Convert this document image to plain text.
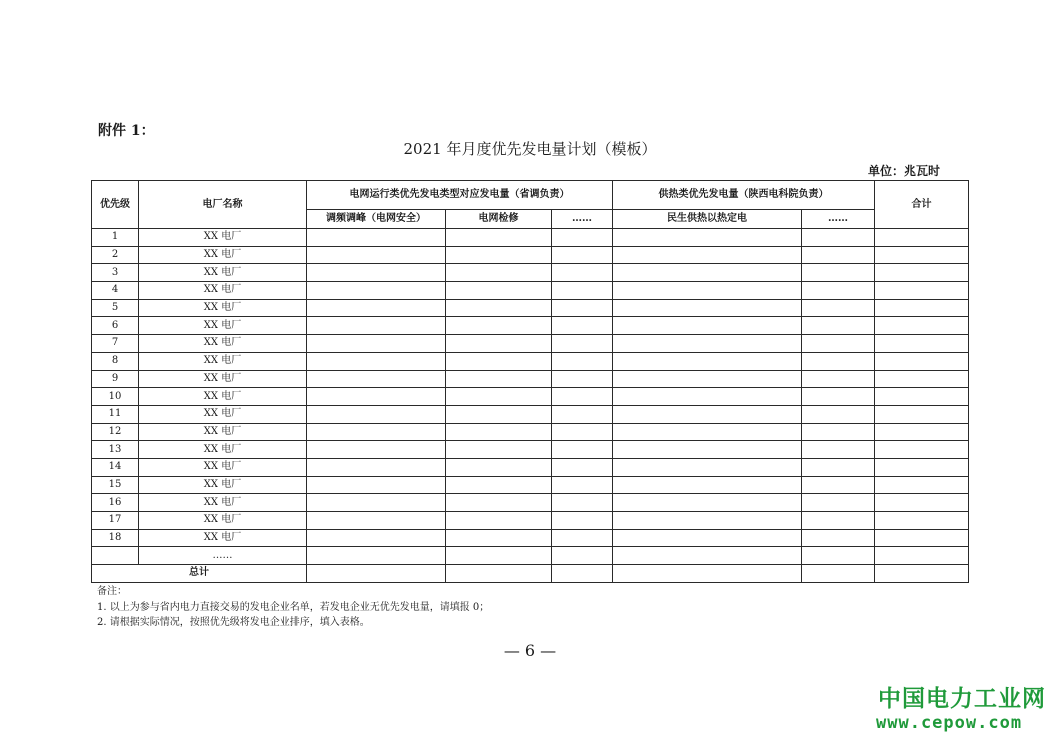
附件 1：
2021 年月度优先发电量计划（模板）
单位：兆瓦时
优先级	电厂名称	电网运行类优先发电类型对应发电量（省调负责）			供热类优先发电量（陕西电科院负责）		合计
		调频调峰（电网安全）	电网检修	……	民生供热以热定电	……	
1	XX 电厂						
2	XX 电厂						
3	XX 电厂						
4	XX 电厂						
5	XX 电厂						
6	XX 电厂						
7	XX 电厂						
8	XX 电厂						
9	XX 电厂						
10	XX 电厂						
11	XX 电厂						
12	XX 电厂						
13	XX 电厂						
14	XX 电厂						
15	XX 电厂						
16	XX 电厂						
17	XX 电厂						
18	XX 电厂						
	……						
总计							
备注：
1. 以上为参与省内电力直接交易的发电企业名单，若发电企业无优先发电量，请填报 0；
2. 请根据实际情况，按照优先级将发电企业排序，填入表格。
— 6 —
中国电力工业网
www.cepow.com
